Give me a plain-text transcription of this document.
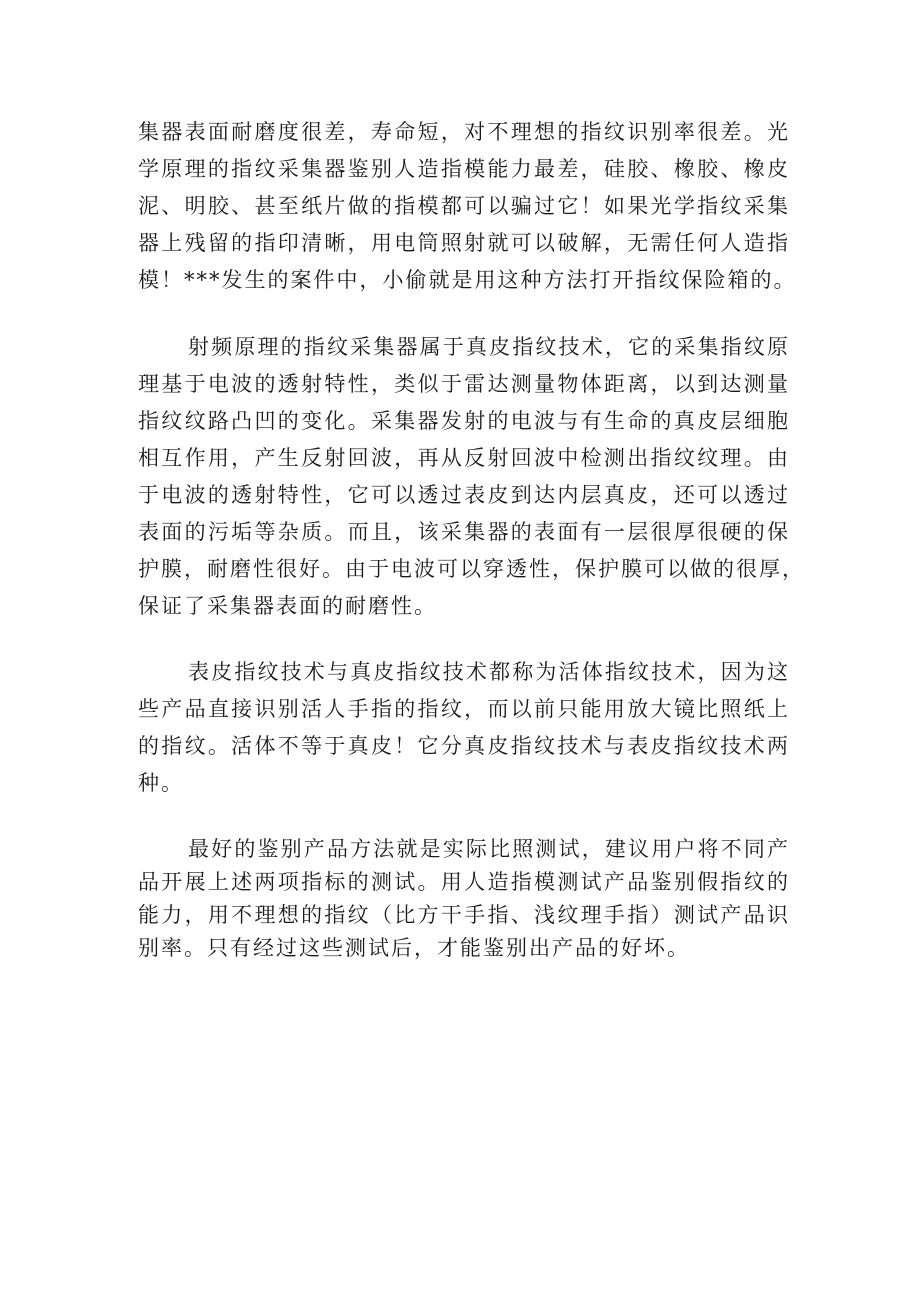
集器表面耐磨度很差，寿命短，对不理想的指纹识别率很差。光
学原理的指纹采集器鉴别人造指模能力最差，硅胶、橡胶、橡皮
泥、明胶、甚至纸片做的指模都可以骗过它！如果光学指纹采集
器上残留的指印清晰，用电筒照射就可以破解，无需任何人造指
模！***发生的案件中，小偷就是用这种方法打开指纹保险箱的。
射频原理的指纹采集器属于真皮指纹技术，它的采集指纹原
理基于电波的透射特性，类似于雷达测量物体距离，以到达测量
指纹纹路凸凹的变化。采集器发射的电波与有生命的真皮层细胞
相互作用，产生反射回波，再从反射回波中检测出指纹纹理。由
于电波的透射特性，它可以透过表皮到达内层真皮，还可以透过
表面的污垢等杂质。而且，该采集器的表面有一层很厚很硬的保
护膜，耐磨性很好。由于电波可以穿透性，保护膜可以做的很厚，
保证了采集器表面的耐磨性。
表皮指纹技术与真皮指纹技术都称为活体指纹技术，因为这
些产品直接识别活人手指的指纹，而以前只能用放大镜比照纸上
的指纹。活体不等于真皮！它分真皮指纹技术与表皮指纹技术两
种。
最好的鉴别产品方法就是实际比照测试，建议用户将不同产
品开展上述两项指标的测试。用人造指模测试产品鉴别假指纹的
能力，用不理想的指纹（比方干手指、浅纹理手指）测试产品识
别率。只有经过这些测试后，才能鉴别出产品的好坏。
